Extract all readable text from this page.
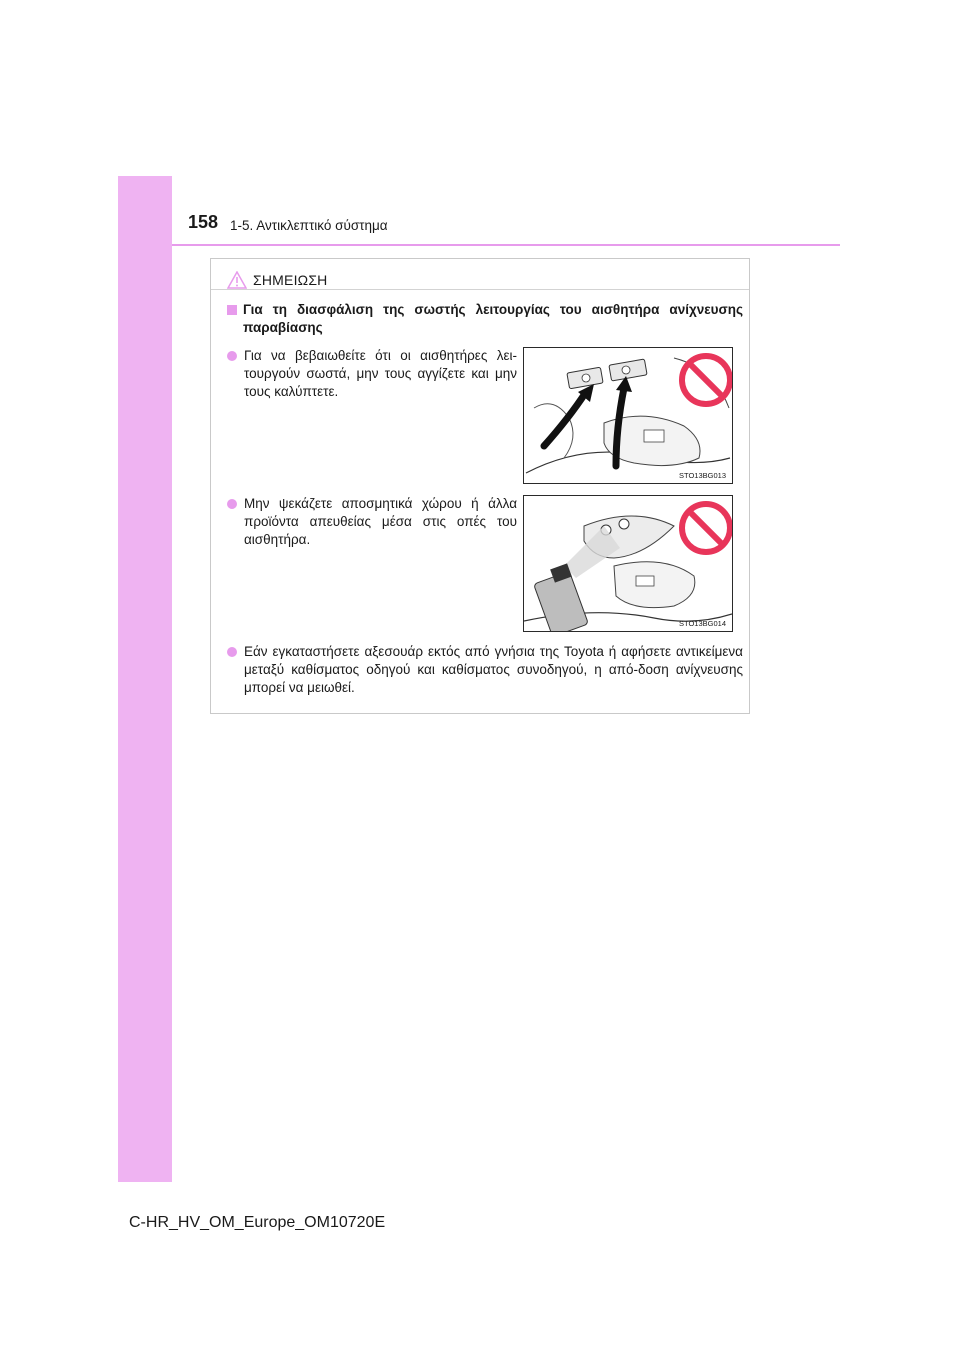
158 1-5. Αντικλεπτικό σύστημα
ΣΗΜΕΙΩΣΗ
Για τη διασφάλιση της σωστής λειτουργίας του αισθητήρα ανίχνευσης παραβίασης
Για να βεβαιωθείτε ότι οι αισθητήρες λει-τουργούν σωστά, μην τους αγγίζετε και μην τους καλύπτετε.
Μην ψεκάζετε αποσμητικά χώρου ή άλλα προϊόντα απευθείας μέσα στις οπές του αισθητήρα.
Εάν εγκαταστήσετε αξεσουάρ εκτός από γνήσια της Toyota ή αφήσετε αντικείμενα μεταξύ καθίσματος οδηγού και καθίσματος συνοδηγού, η από-δοση ανίχνευσης μπορεί να μειωθεί.
STO13BG013
STO13BG014
C-HR_HV_OM_Europe_OM10720E
